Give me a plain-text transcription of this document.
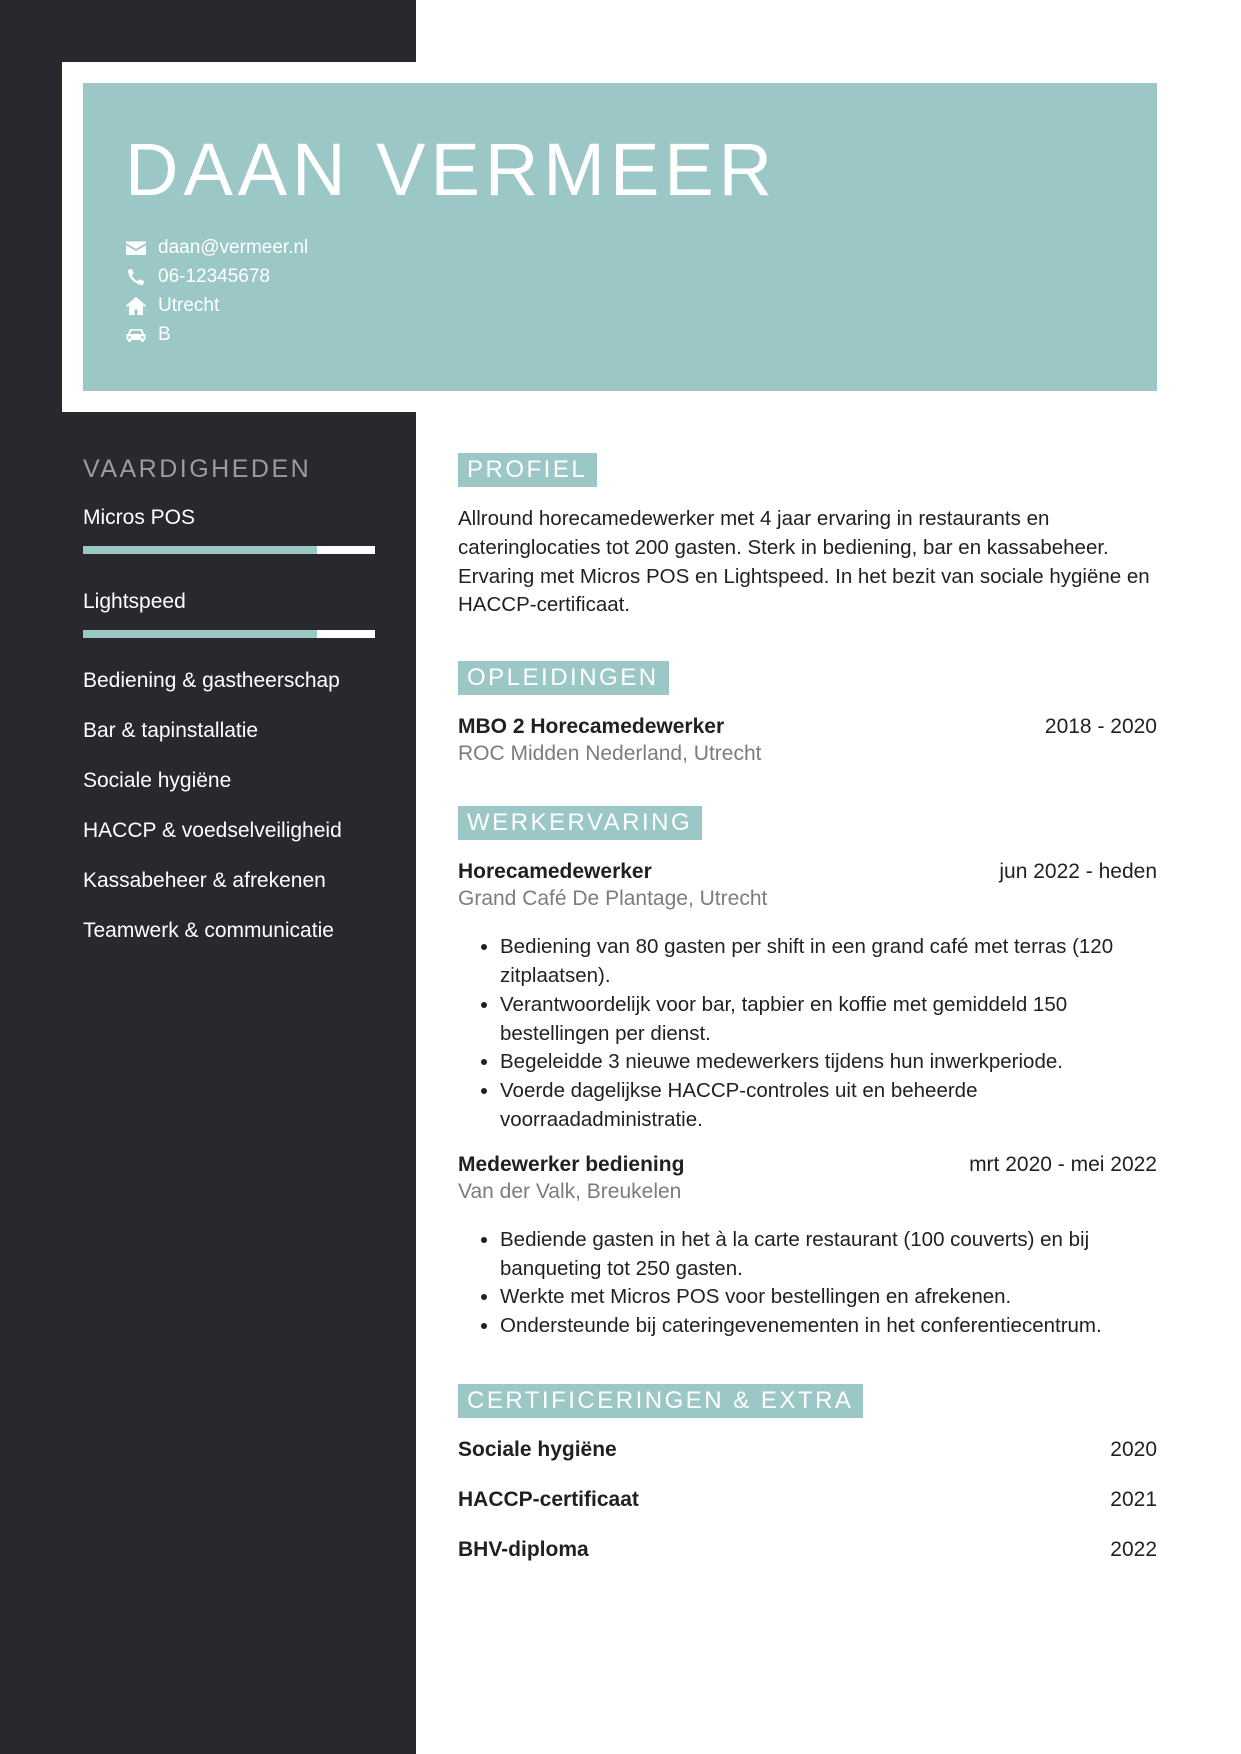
DAAN VERMEER
daan@vermeer.nl
06-12345678
Utrecht
B
VAARDIGHEDEN
Micros POS
Lightspeed
Bediening & gastheerschap
Bar & tapinstallatie
Sociale hygiëne
HACCP & voedselveiligheid
Kassabeheer & afrekenen
Teamwerk & communicatie
PROFIEL

Allround horecamedewerker met 4 jaar ervaring in restaurants en cateringlocaties tot 200 gasten. Sterk in bediening, bar en kassabeheer. Ervaring met Micros POS en Lightspeed. In het bezit van sociale hygiëne en HACCP-certificaat.

OPLEIDINGEN
MBO 2 Horecamedewerker	2018 - 2020
ROC Midden Nederland, Utrecht
WERKERVARING
Horecamedewerker	jun 2022 - heden
Grand Café De Plantage, Utrecht
• Bediening van 80 gasten per shift in een grand café met terras (120 zitplaatsen).
• Verantwoordelijk voor bar, tapbier en koffie met gemiddeld 150 bestellingen per dienst.
• Begeleidde 3 nieuwe medewerkers tijdens hun inwerkperiode.
• Voerde dagelijkse HACCP-controles uit en beheerde voorraadadministratie.
Medewerker bediening	mrt 2020 - mei 2022
Van der Valk, Breukelen
• Bediende gasten in het à la carte restaurant (100 couverts) en bij banqueting tot 250 gasten.
• Werkte met Micros POS voor bestellingen en afrekenen.
• Ondersteunde bij cateringevenementen in het conferentiecentrum.
CERTIFICERINGEN & EXTRA
Sociale hygiëne	2020
HACCP-certificaat	2021
BHV-diploma	2022
